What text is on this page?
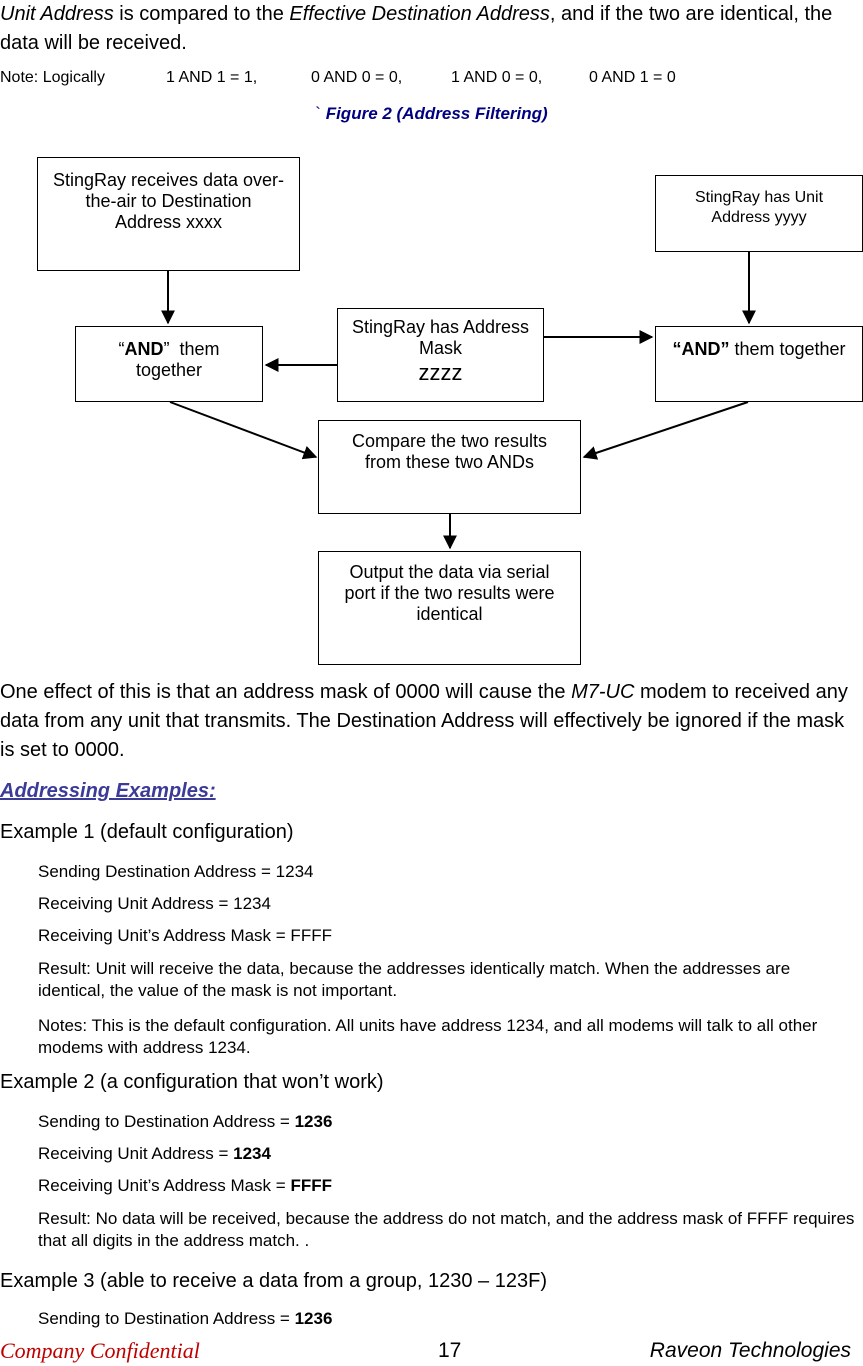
Unit Address is compared to the Effective Destination Address, and if the two are identical, the data will be received.
Note: Logically	1 AND 1 = 1,	0 AND 0 = 0,	1 AND 0 = 0,	0 AND 1 = 0
` Figure 2 (Address Filtering)
StingRay receives data over-the-air to Destination Address xxxx
StingRay has Unit Address yyyy
“AND”  them together
StingRay has Address Mask
zzzz
“AND” them together
Compare the two results from these two ANDs
Output the data via serial port if the two results were identical
One effect of this is that an address mask of 0000 will cause the M7-UC modem to received any data from any unit that transmits. The Destination Address will effectively be ignored if the mask is set to 0000.
Addressing Examples:
Example 1 (default configuration)
Sending Destination Address = 1234
Receiving Unit Address = 1234
Receiving Unit’s Address Mask = FFFF
Result: Unit will receive the data, because the addresses identically match. When the addresses are identical, the value of the mask is not important.
Notes: This is the default configuration. All units have address 1234, and all modems will talk to all other modems with address 1234.
Example 2 (a configuration that won’t work)
Sending to Destination Address = 1236
Receiving Unit Address = 1234
Receiving Unit’s Address Mask = FFFF
Result: No data will be received, because the address do not match, and the address mask of FFFF requires that all digits in the address match. .
Example 3 (able to receive a data from a group, 1230 – 123F)
Sending to Destination Address = 1236
Company Confidential	17	Raveon Technologies
